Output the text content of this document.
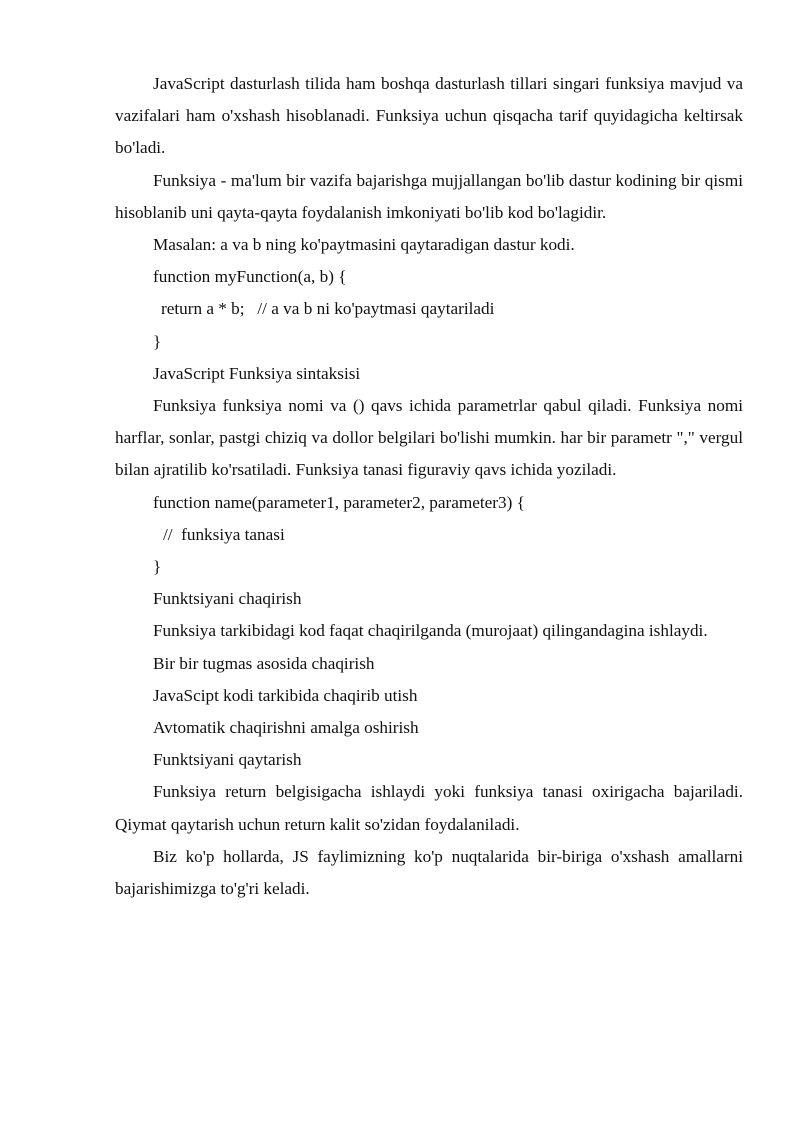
JavaScript dasturlash tilida ham boshqa dasturlash tillari singari funksiya mavjud va vazifalari ham o'xshash hisoblanadi. Funksiya uchun qisqacha tarif quyidagicha keltirsak bo'ladi.

Funksiya - ma'lum bir vazifa bajarishga mujjallangan bo'lib dastur kodining bir qismi hisoblanib uni qayta-qayta foydalanish imkoniyati bo'lib kod bo'lagidir.

Masalan: a va b ning ko'paytmasini qaytaradigan dastur kodi.

function myFunction(a, b) {

return a * b;   // a va b ni ko'paytmasi qaytariladi

}

JavaScript Funksiya sintaksisi

Funksiya funksiya nomi va () qavs ichida parametrlar qabul qiladi. Funksiya nomi harflar, sonlar, pastgi chiziq va dollor belgilari bo'lishi mumkin. har bir parametr "," vergul bilan ajratilib ko'rsatiladi. Funksiya tanasi figuraviy qavs ichida yoziladi.

function name(parameter1, parameter2, parameter3) {

//  funksiya tanasi

}

Funktsiyani chaqirish

Funksiya tarkibidagi kod faqat chaqirilganda (murojaat) qilingandagina ishlaydi.

Bir bir tugmas asosida chaqirish

JavaScipt kodi tarkibida chaqirib utish

Avtomatik chaqirishni amalga oshirish

Funktsiyani qaytarish

Funksiya return belgisigacha ishlaydi yoki funksiya tanasi oxirigacha bajariladi. Qiymat qaytarish uchun return kalit so'zidan foydalaniladi.

Biz ko'p hollarda, JS faylimizning ko'p nuqtalarida bir-biriga o'xshash amallarni bajarishimizga to'g'ri keladi.
